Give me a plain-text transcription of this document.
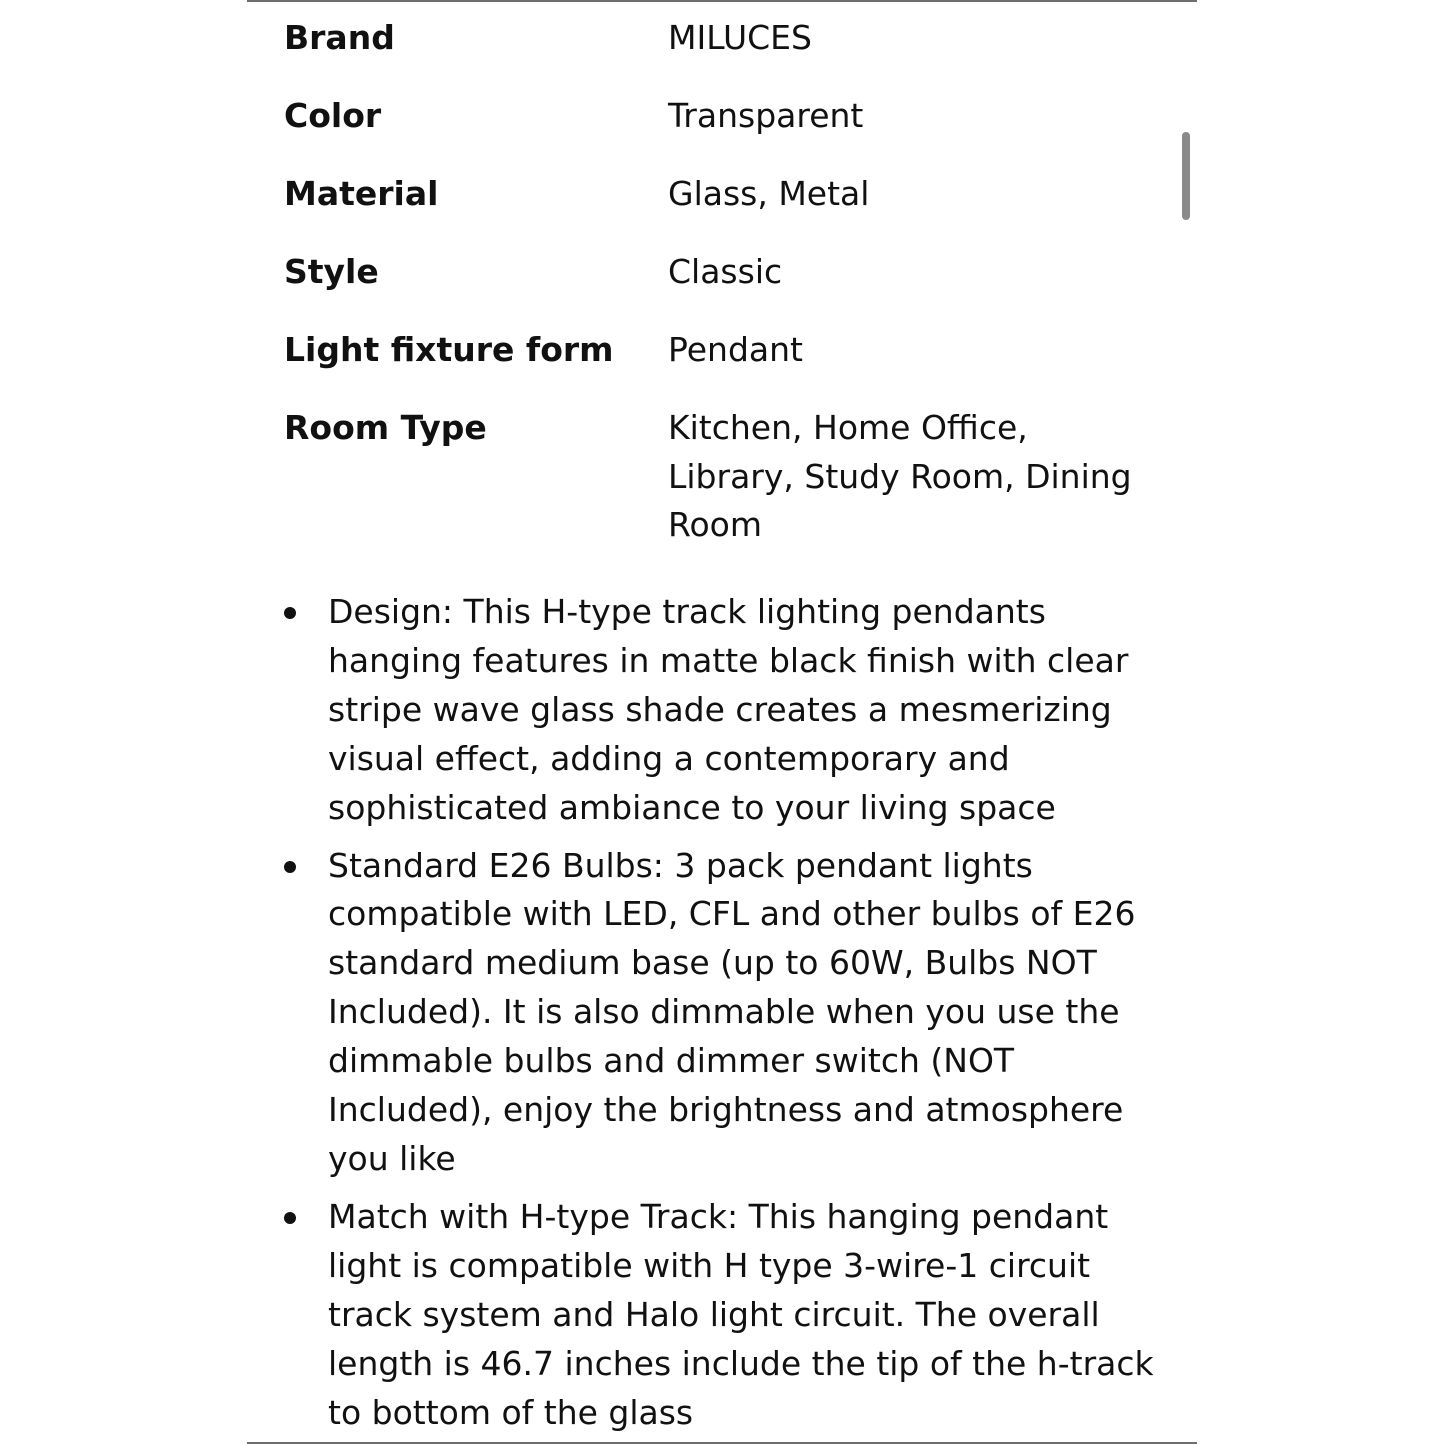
Brand	MILUCES
Color	Transparent
Material	Glass, Metal
Style	Classic
Light fixture form	Pendant
Room Type	Kitchen, Home Office, Library, Study Room, Dining Room
Design: This H-type track lighting pendants hanging features in matte black finish with clear stripe wave glass shade creates a mesmerizing visual effect, adding a contemporary and sophisticated ambiance to your living space
Standard E26 Bulbs: 3 pack pendant lights compatible with LED, CFL and other bulbs of E26 standard medium base (up to 60W, Bulbs NOT Included). It is also dimmable when you use the dimmable bulbs and dimmer switch (NOT Included), enjoy the brightness and atmosphere you like
Match with H-type Track: This hanging pendant light is compatible with H type 3-wire-1 circuit track system and Halo light circuit. The overall length is 46.7 inches include the tip of the h-track to bottom of the glass
